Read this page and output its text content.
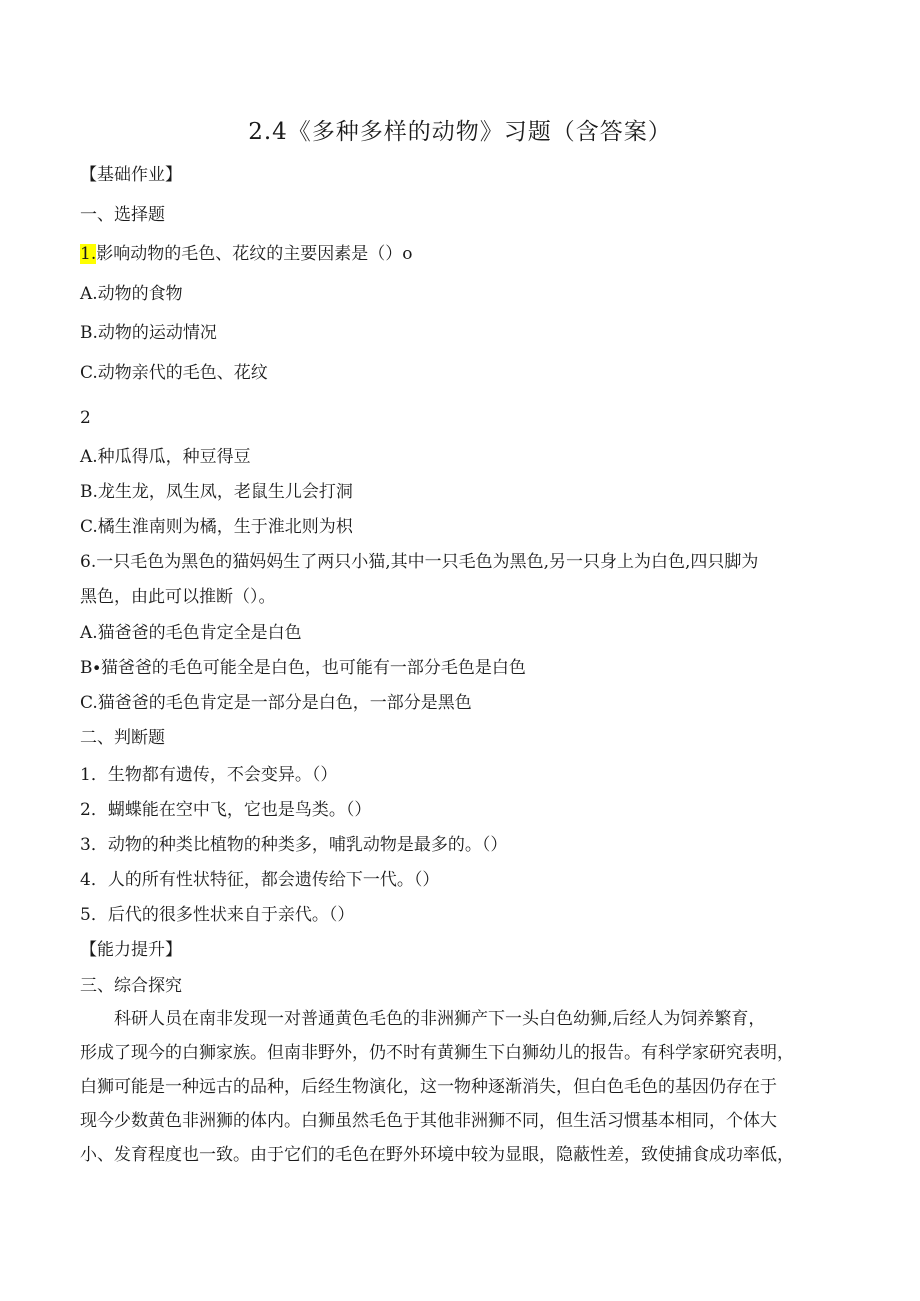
2.4《多种多样的动物》习题（含答案）
【基础作业】
一、选择题
1.影响动物的毛色、花纹的主要因素是（）o
A.动物的食物
B.动物的运动情况
C.动物亲代的毛色、花纹
2
A.种瓜得瓜，种豆得豆
B.龙生龙，凤生凤，老鼠生儿会打洞
C.橘生淮南则为橘，生于淮北则为枳
6.一只毛色为黑色的猫妈妈生了两只小猫,其中一只毛色为黑色,另一只身上为白色,四只脚为
黑色，由此可以推断（）。
A.猫爸爸的毛色肯定全是白色
B∙猫爸爸的毛色可能全是白色，也可能有一部分毛色是白色
C.猫爸爸的毛色肯定是一部分是白色，一部分是黑色
二、判断题
1．生物都有遗传，不会变异。（）
2．蝴蝶能在空中飞，它也是鸟类。（）
3．动物的种类比植物的种类多，哺乳动物是最多的。（）
4．人的所有性状特征，都会遗传给下一代。（）
5．后代的很多性状来自于亲代。（）
【能力提升】
三、综合探究
科研人员在南非发现一对普通黄色毛色的非洲狮产下一头白色幼狮,后经人为饲养繁育，
形成了现今的白狮家族。但南非野外，仍不时有黄狮生下白狮幼儿的报告。有科学家研究表明，
白狮可能是一种远古的品种，后经生物演化，这一物种逐渐消失，但白色毛色的基因仍存在于
现今少数黄色非洲狮的体内。白狮虽然毛色于其他非洲狮不同，但生活习惯基本相同，个体大
小、发育程度也一致。由于它们的毛色在野外环境中较为显眼，隐蔽性差，致使捕食成功率低，
